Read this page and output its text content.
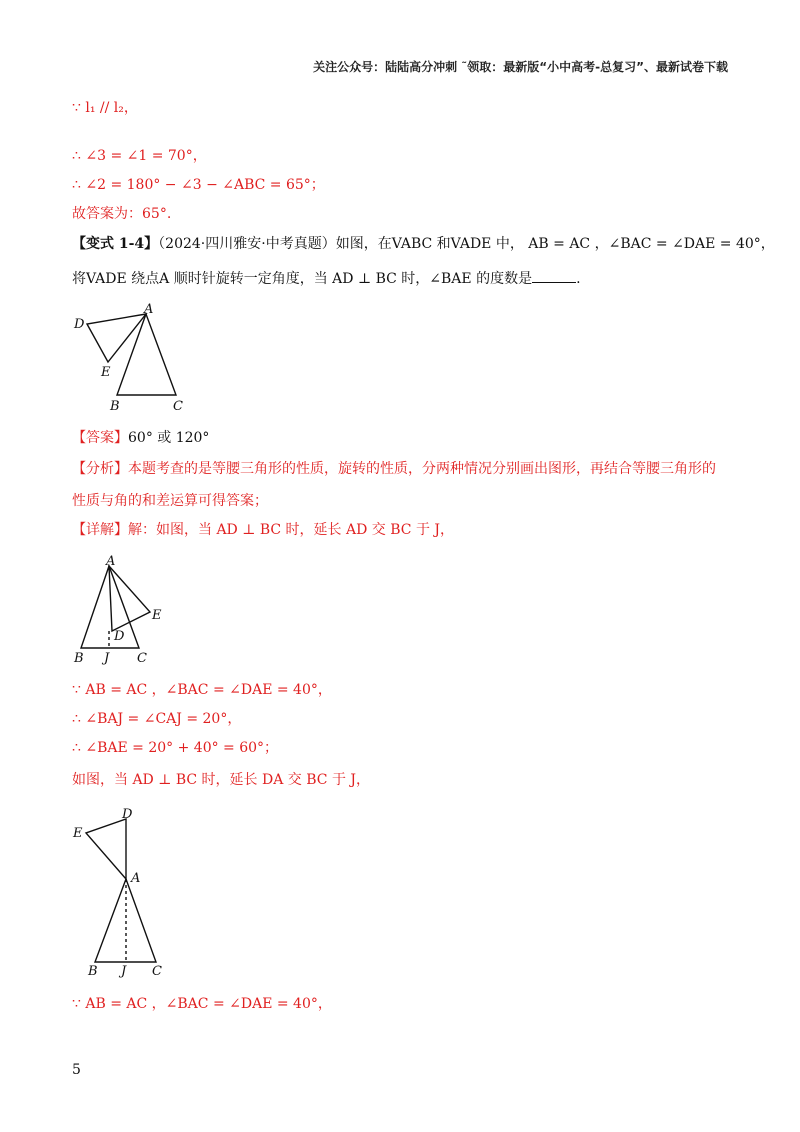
关注公众号：陆陆高分冲刺 ˜领取：最新版“小中高考-总复习”、最新试卷下载
∵ l₁ // l₂，
∴ ∠3 = ∠1 = 70°，
∴ ∠2 = 180° − ∠3 − ∠ABC = 65°；
故答案为：65°.
【变式 1-4】（2024·四川雅安·中考真题）如图，在VABC 和VADE 中， AB = AC ，∠BAC = ∠DAE = 40°，
将VADE 绕点A 顺时针旋转一定角度，当 AD ⊥ BC 时，∠BAE 的度数是	.
A
D
E
B	C
【答案】60° 或 120°
【分析】本题考查的是等腰三角形的性质，旋转的性质，分两种情况分别画出图形，再结合等腰三角形的
性质与角的和差运算可得答案；
【详解】解：如图，当 AD ⊥ BC 时，延长 AD 交 BC 于 J，
A
E
D
B J C
∵ AB = AC ，∠BAC = ∠DAE = 40°，
∴ ∠BAJ = ∠CAJ = 20°，
∴ ∠BAE = 20° + 40° = 60°；
如图，当 AD ⊥ BC 时，延长 DA 交 BC 于 J，
D
E
A
B J C
∵ AB = AC ，∠BAC = ∠DAE = 40°，
5
